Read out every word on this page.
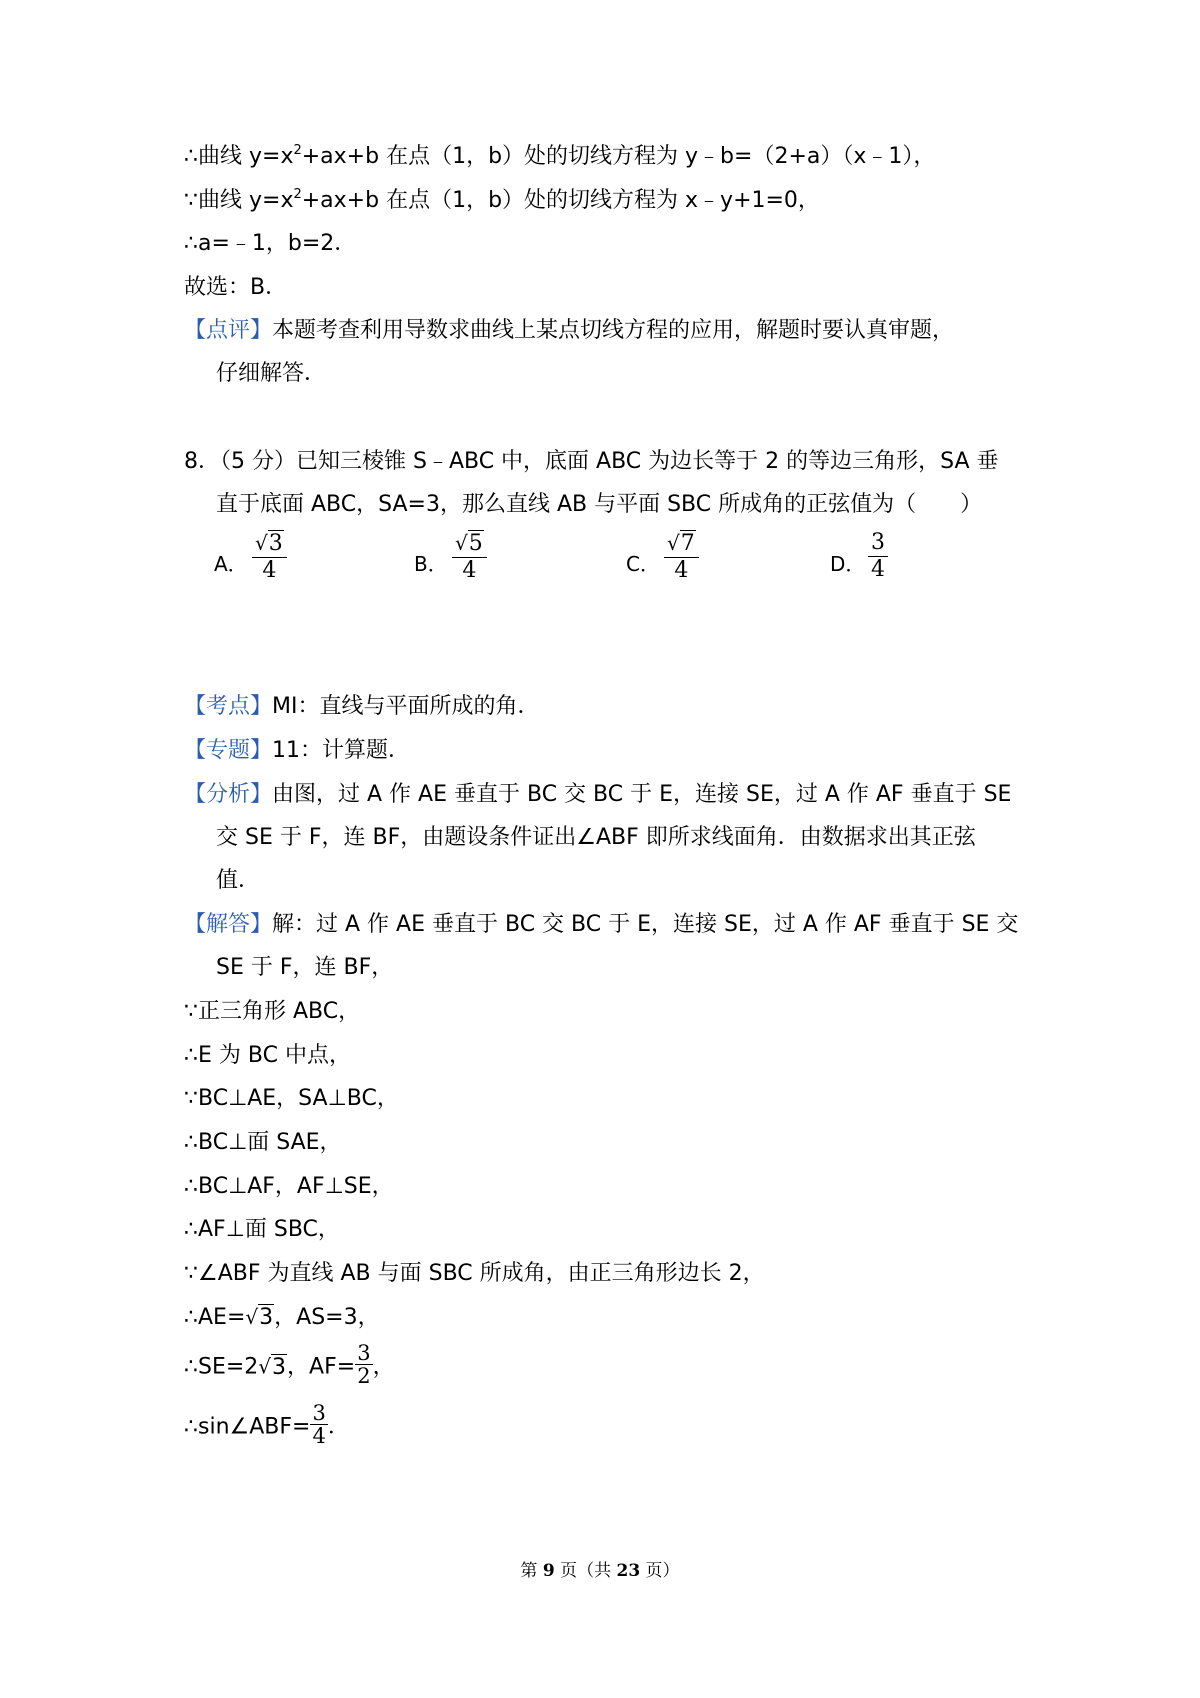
∴曲线 $y=x^2+ax+b$ 在点（1，b）处的切线方程为 y﹣b=（2+a）（x﹣1），
∵曲线 $y=x^2+ax+b$ 在点（1，b）处的切线方程为 x﹣y+1=0，
∴a=﹣1，b=2．
故选：B．
【点评】本题考查利用导数求曲线上某点切线方程的应用，解题时要认真审题，
仔细解答．
8．（5 分）已知三棱锥 S﹣ABC 中，底面 ABC 为边长等于 2 的等边三角形，SA 垂
直于底面 ABC，SA=3，那么直线 AB 与平面 SBC 所成角的正弦值为（　　）
A． $\frac{√3}{4}$	B． $\frac{√5}{4}$	C． $\frac{√7}{4}$	D． $\frac{3}{4}$
【考点】MI：直线与平面所成的角．
【专题】11：计算题．
【分析】由图，过 A 作 AE 垂直于 BC 交 BC 于 E，连接 SE，过 A 作 AF 垂直于 SE
交 SE 于 F，连 BF，由题设条件证出∠ABF 即所求线面角．由数据求出其正弦
值．
【解答】解：过 A 作 AE 垂直于 BC 交 BC 于 E，连接 SE，过 A 作 AF 垂直于 SE 交
SE 于 F，连 BF，
∵正三角形 ABC，
∴E 为 BC 中点，
∵BC⊥AE，SA⊥BC，
∴BC⊥面 SAE，
∴BC⊥AF，AF⊥SE，
∴AF⊥面 SBC，
∵∠ABF 为直线 AB 与面 SBC 所成角，由正三角形边长 2，
∴AE=√3，AS=3，
∴SE=2√3，$AF= \frac{3}{2}$ ，
∴sin∠ABF= $\frac{3}{4}$ ．
第 9 页（共 23 页）
